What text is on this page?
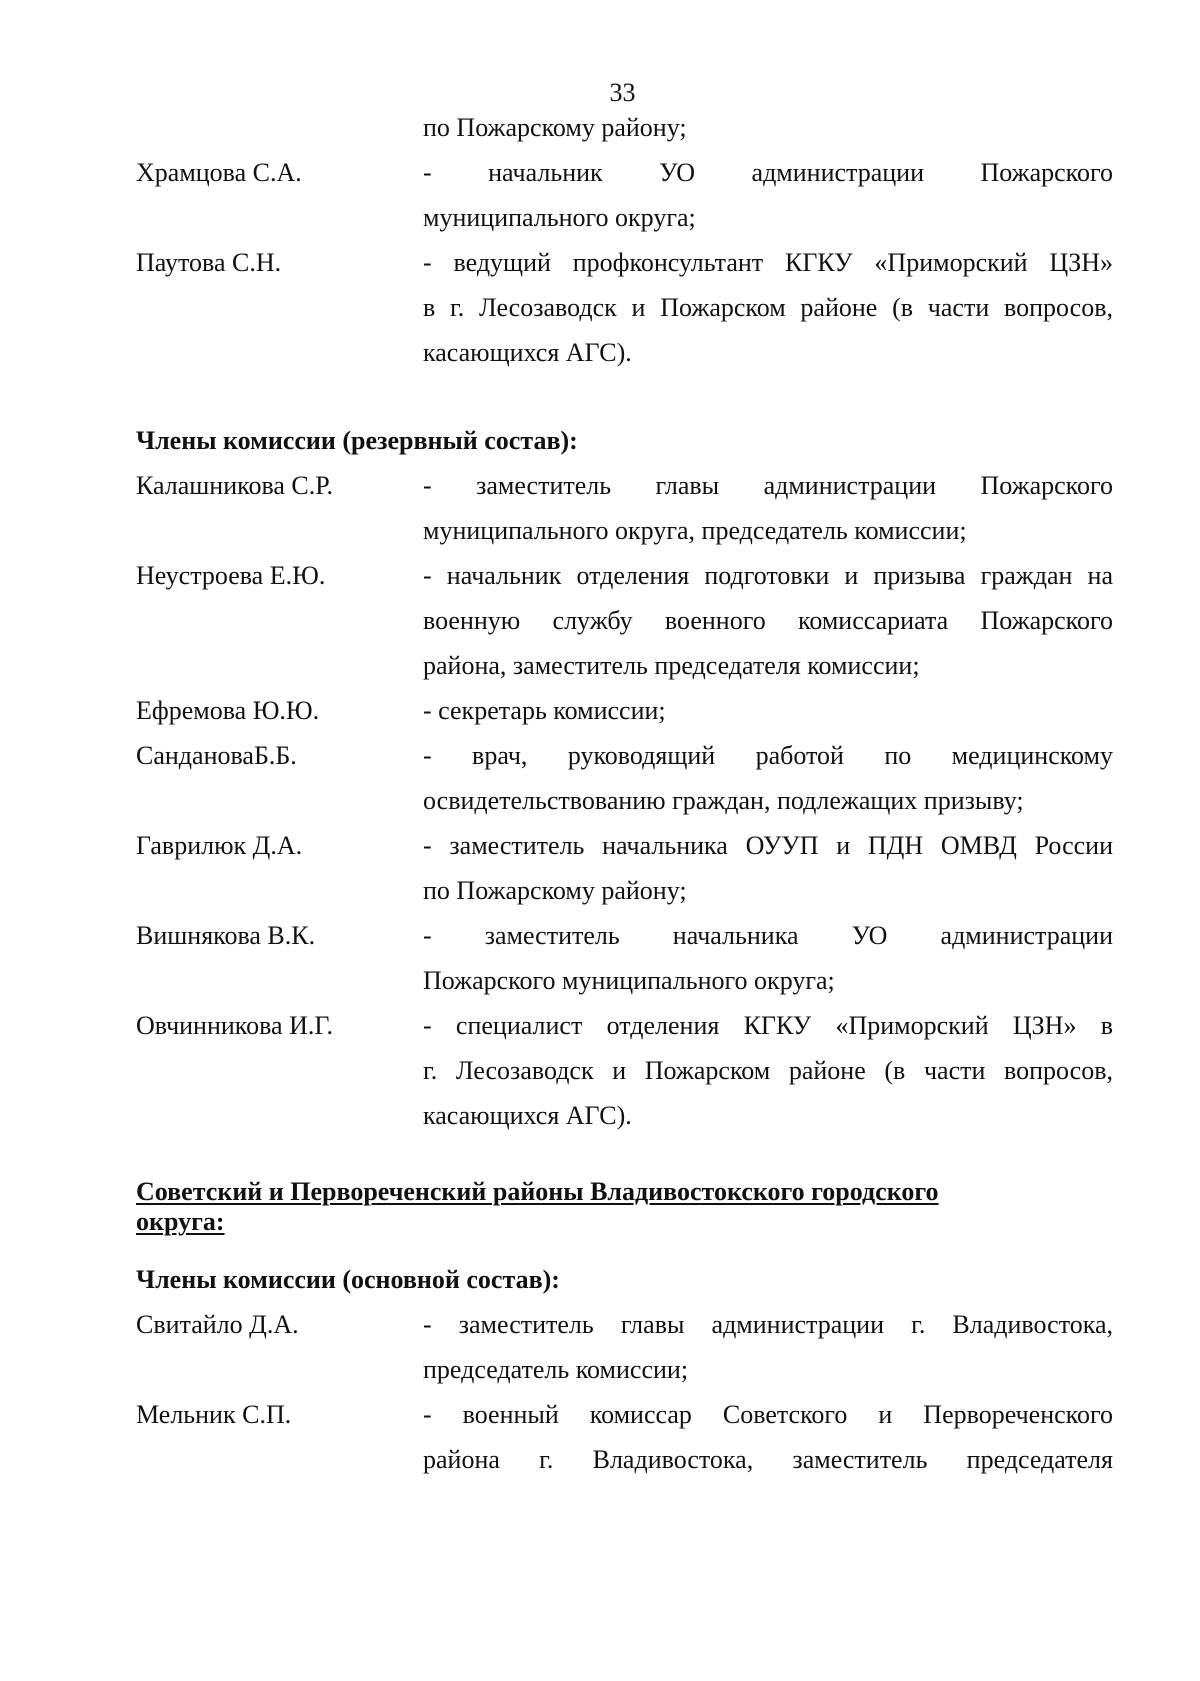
33
по Пожарскому району;
Храмцова С.А.	- начальник УО администрации Пожарского
муниципального округа;
Паутова С.Н.	- ведущий профконсультант КГКУ «Приморский ЦЗН»
в г. Лесозаводск и Пожарском районе (в части вопросов,
касающихся АГС).
Члены комиссии (резервный состав):
Калашникова С.Р.	- заместитель главы администрации Пожарского
муниципального округа, председатель комиссии;
Неустроева Е.Ю.	- начальник отделения подготовки и призыва граждан на
военную службу военного комиссариата Пожарского
района, заместитель председателя комиссии;
Ефремова Ю.Ю.	- секретарь комиссии;
СандановаБ.Б.	- врач, руководящий работой по медицинскому
освидетельствованию граждан, подлежащих призыву;
Гаврилюк Д.А.	- заместитель начальника ОУУП и ПДН ОМВД России
по Пожарскому району;
Вишнякова В.К.	- заместитель начальника УО администрации
Пожарского муниципального округа;
Овчинникова И.Г.	- специалист отделения КГКУ «Приморский ЦЗН» в
г. Лесозаводск и Пожарском районе (в части вопросов,
касающихся АГС).
Советский и Первореченский районы Владивостокского городского
округа:
Члены комиссии (основной состав):
Свитайло Д.А.	- заместитель главы администрации г. Владивостока,
председатель комиссии;
Мельник С.П.	- военный комиссар Советского и Первореченского
района г. Владивостока, заместитель председателя
